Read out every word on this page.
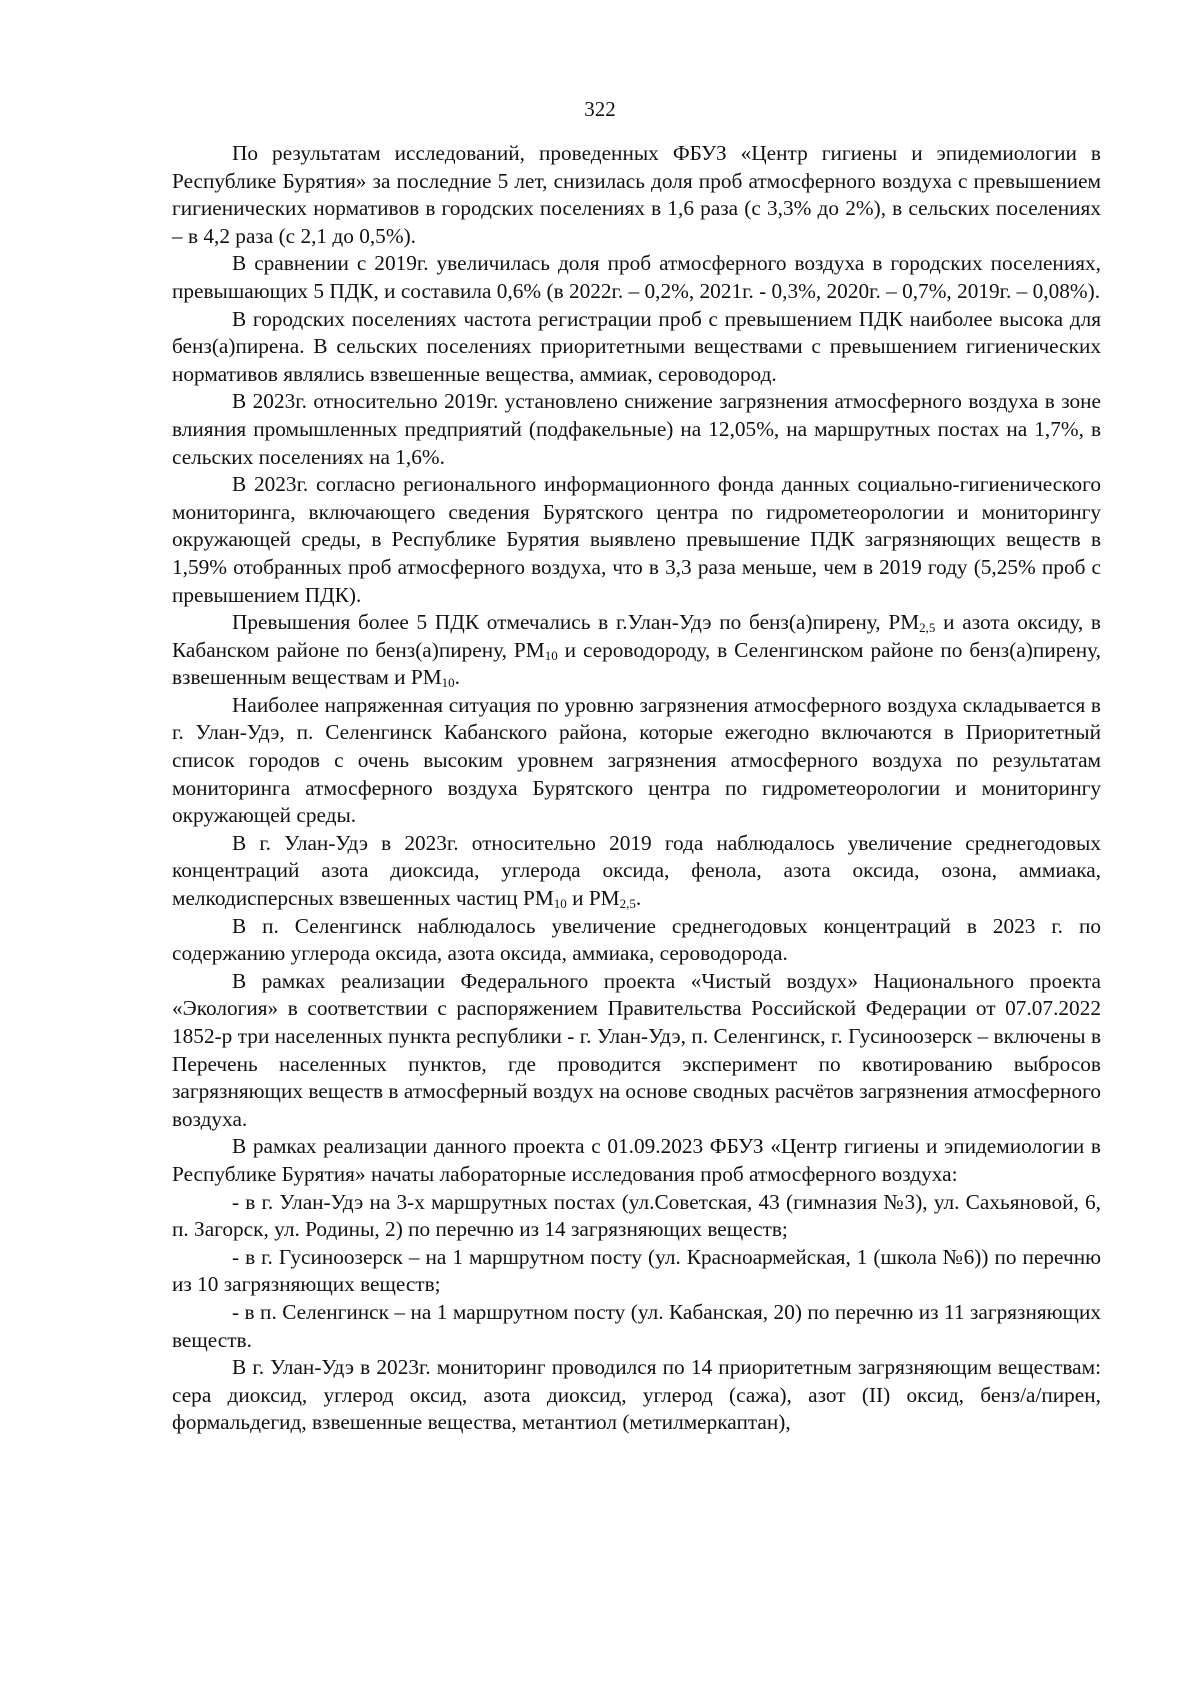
322

По результатам исследований, проведенных ФБУЗ «Центр гигиены и эпидемиологии в Республике Бурятия» за последние 5 лет, снизилась доля проб атмосферного воздуха с превышением гигиенических нормативов в городских поселениях в 1,6 раза (с 3,3% до 2%), в сельских поселениях – в 4,2 раза (с 2,1 до 0,5%).

В сравнении с 2019г. увеличилась доля проб атмосферного воздуха в городских поселениях, превышающих 5 ПДК, и составила 0,6% (в 2022г. – 0,2%, 2021г. - 0,3%, 2020г. – 0,7%, 2019г. – 0,08%).

В городских поселениях частота регистрации проб с превышением ПДК наиболее высока для бенз(а)пирена. В сельских поселениях приоритетными веществами с превышением гигиенических нормативов являлись взвешенные вещества, аммиак, сероводород.

В 2023г. относительно 2019г. установлено снижение загрязнения атмосферного воздуха в зоне влияния промышленных предприятий (подфакельные) на 12,05%, на маршрутных постах на 1,7%, в сельских поселениях на 1,6%.

В 2023г. согласно регионального информационного фонда данных социально-гигиенического мониторинга, включающего сведения Бурятского центра по гидрометеорологии и мониторингу окружающей среды, в Республике Бурятия выявлено превышение ПДК загрязняющих веществ в 1,59% отобранных проб атмосферного воздуха, что в 3,3 раза меньше, чем в 2019 году (5,25% проб с превышением ПДК).

Превышения более 5 ПДК отмечались в г.Улан-Удэ по бенз(а)пирену, $PM_{2,5}$ и азота оксиду, в Кабанском районе по бенз(а)пирену, $PM_{10}$ и сероводороду, в Селенгинском районе по бенз(а)пирену, взвешенным веществам и $PM_{10}$.

Наиболее напряженная ситуация по уровню загрязнения атмосферного воздуха складывается в г. Улан-Удэ, п. Селенгинск Кабанского района, которые ежегодно включаются в Приоритетный список городов с очень высоким уровнем загрязнения атмосферного воздуха по результатам мониторинга атмосферного воздуха Бурятского центра по гидрометеорологии и мониторингу окружающей среды.

В г. Улан-Удэ в 2023г. относительно 2019 года наблюдалось увеличение среднегодовых концентраций азота диоксида, углерода оксида, фенола, азота оксида, озона, аммиака, мелкодисперсных взвешенных частиц $PM_{10}$ и $PM_{2,5}$.

В п. Селенгинск наблюдалось увеличение среднегодовых концентраций в 2023 г. по содержанию углерода оксида, азота оксида, аммиака, сероводорода.

В рамках реализации Федерального проекта «Чистый воздух» Национального проекта «Экология» в соответствии с распоряжением Правительства Российской Федерации от 07.07.2022 1852-р три населенных пункта республики - г. Улан-Удэ, п. Селенгинск, г. Гусиноозерск – включены в Перечень населенных пунктов, где проводится эксперимент по квотированию выбросов загрязняющих веществ в атмосферный воздух на основе сводных расчётов загрязнения атмосферного воздуха.

В рамках реализации данного проекта с 01.09.2023 ФБУЗ «Центр гигиены и эпидемиологии в Республике Бурятия» начаты лабораторные исследования проб атмосферного воздуха:

- в г. Улан-Удэ на 3-х маршрутных постах (ул.Советская, 43 (гимназия №3), ул. Сахьяновой, 6, п. Загорск, ул. Родины, 2) по перечню из 14 загрязняющих веществ;

- в г. Гусиноозерск – на 1 маршрутном посту (ул. Красноармейская, 1 (школа №6)) по перечню из 10 загрязняющих веществ;

- в п. Селенгинск – на 1 маршрутном посту (ул. Кабанская, 20) по перечню из 11 загрязняющих веществ.

В г. Улан-Удэ в 2023г. мониторинг проводился по 14 приоритетным загрязняющим веществам: сера диоксид, углерод оксид, азота диоксид, углерод (сажа), азот (II) оксид, бенз/а/пирен, формальдегид, взвешенные вещества, метантиол (метилмеркаптан),
